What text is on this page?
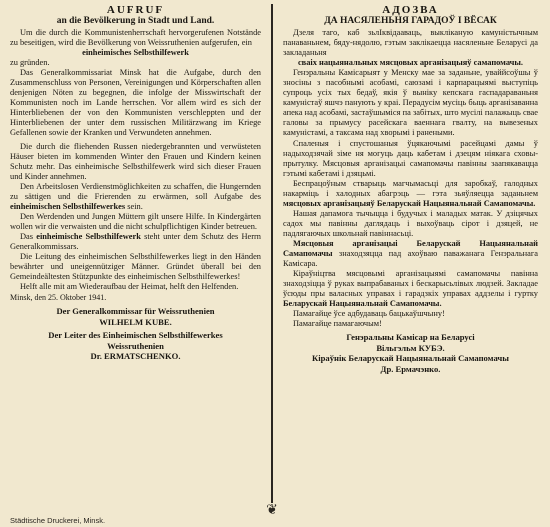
AUFRUF
an die Bevölkerung in Stadt und Land.

Um die durch die Kommunistenherrschaft hervorgerufenen Notstände zu beseitigen, wird die Bevölkerung von Weissruthenien aufgerufen, ein

einheimisches Selbsthilfewerk

zu gründen.

Das Generalkommissariat Minsk hat die Aufgabe, durch den Zusammenschluss von Personen, Vereinigungen und Körperschaften allen denjenigen Nöten zu begegnen, die infolge der Misswirtschaft der Kommunisten noch im Lande herrschen. Vor allem wird es sich der Hinterbliebenen der von den Kommunisten verschleppten und der Hinterbliebenen der unter dem russischen Militärzwang im Kriege Gefallenen sowie der Kranken und Verwundeten annehmen.

Die durch die fliehenden Russen niedergebrannten und verwüsteten Häuser bieten im kommenden Winter den Frauen und Kindern keinen Schutz mehr. Das einheimische Selbsthilfewerk wird sich dieser Frauen und Kinder annehmen.

Den Arbeitslosen Verdienstmöglichkeiten zu schaffen, die Hungernden zu sättigen und die Frierenden zu erwärmen, soll Aufgabe des einheimischen Selbsthilfewerkes sein.

Den Werdenden und Jungen Müttern gilt unsere Hilfe. In Kindergärten wollen wir die verwaisten und die nicht schulpflichtigen Kinder betreuen.

Das einheimische Selbsthilfewerk steht unter dem Schutz des Herrn Generalkommissars.

Die Leitung des einheimischen Selbsthilfewerkes liegt in den Händen bewährter und uneigennütziger Männer. Gründet überall bei den Gemeindeältesten Stützpunkte des einheimischen Selbsthilfewerkes!

Helft alle mit am Wiederaufbau der Heimat, helft den Helfenden.

Minsk, den 25. Oktober 1941.

Der Generalkommissar für Weissruthenien

WILHELM KUBE.

Der Leiter des Einheimischen Selbsthilfewerkes

Weissruthenien

Dr. ERMATSCHENKO.

❦
АДОЗВА
ДА НАСЯЛЕНЬНЯ ГАРАДОЎ І ВЁСАК

Дзеля таго, каб зьлІквідааваць, выкліканую камуністычным панаваньнем, бяду-нядолю, гэтым заклікаецца насяленьне Беларусі да закладаньня

сваіх нацыянальных мясцовых арганізацыяў самапомачы.

Генэральны Камісарыят у Менску мае за заданьне, уваййсоўшы ў зносіны з пасобнымі асобамі, саюзамі і карпарацыямі выступіць супроць усіх тых бедаў, якія ў выніку кепскага гаспадараваньня камуністаў яшчэ панують у краі. Перадусім мусіць быць арганізаванна апека над асобамі, застаўшыміся па забітых, што мусілі палажыць свае галовы за прымусу расейскага ваеннага гвалту, на вывезеных камуністамі, а таксама над хворымі і ранеными.

Спаленыя і спустошаныя ўцякаючымі расейцамі дамы ў надыходзячай зіме ня могуць даць кабетам і дзецям ніякага сховы-прытулку. Мясцовыя арганізацыі самапомачы павінны заапякавацца гэтымі кабетамі і дзяцьмі.

Беспрацоўным стварыць магчымасьці для заробкаў, галодных накарміць і халодных абагрэць — гэта зьяўляецца заданьнем мясцовых арганізацыяў Беларускай Нацыянальнай Самапомачы.

Нашая дапамога тычыцца і будучых і маладых матак. У дзіцячых садох мы павінны даглядаць і выхоўваць сірот і дзяцей, не падлягаючых школьнай павіннасьці.

Мясцовыя арганізацыі Беларускай Нацыянальнай Самапомачы знаходзяцца пад ахоўваю паважанага Генэральнага Камісара.

Кіраўніцтва мясцовымі арганізацыямі самапомачы павінна знаходзіцца ў руках выпрабаваных і бескарысьлівых людзей. Закладае ўсюды пры валасных управах і гарадзкіх управах аддзелы і гуртку Беларускай Нацыянальнай Самапомачы.

Памагайце ўсе адбудаваць бацькаўшчыну!

Памагайце памагаючым!

Генэральны Камісар на Беларусі

Вільгэльм КУБЭ.

Кіраўнік Беларускай Нацыянальнай Самапомачы

Др. Ермачэнко.

Städtische Druckerei, Minsk.
